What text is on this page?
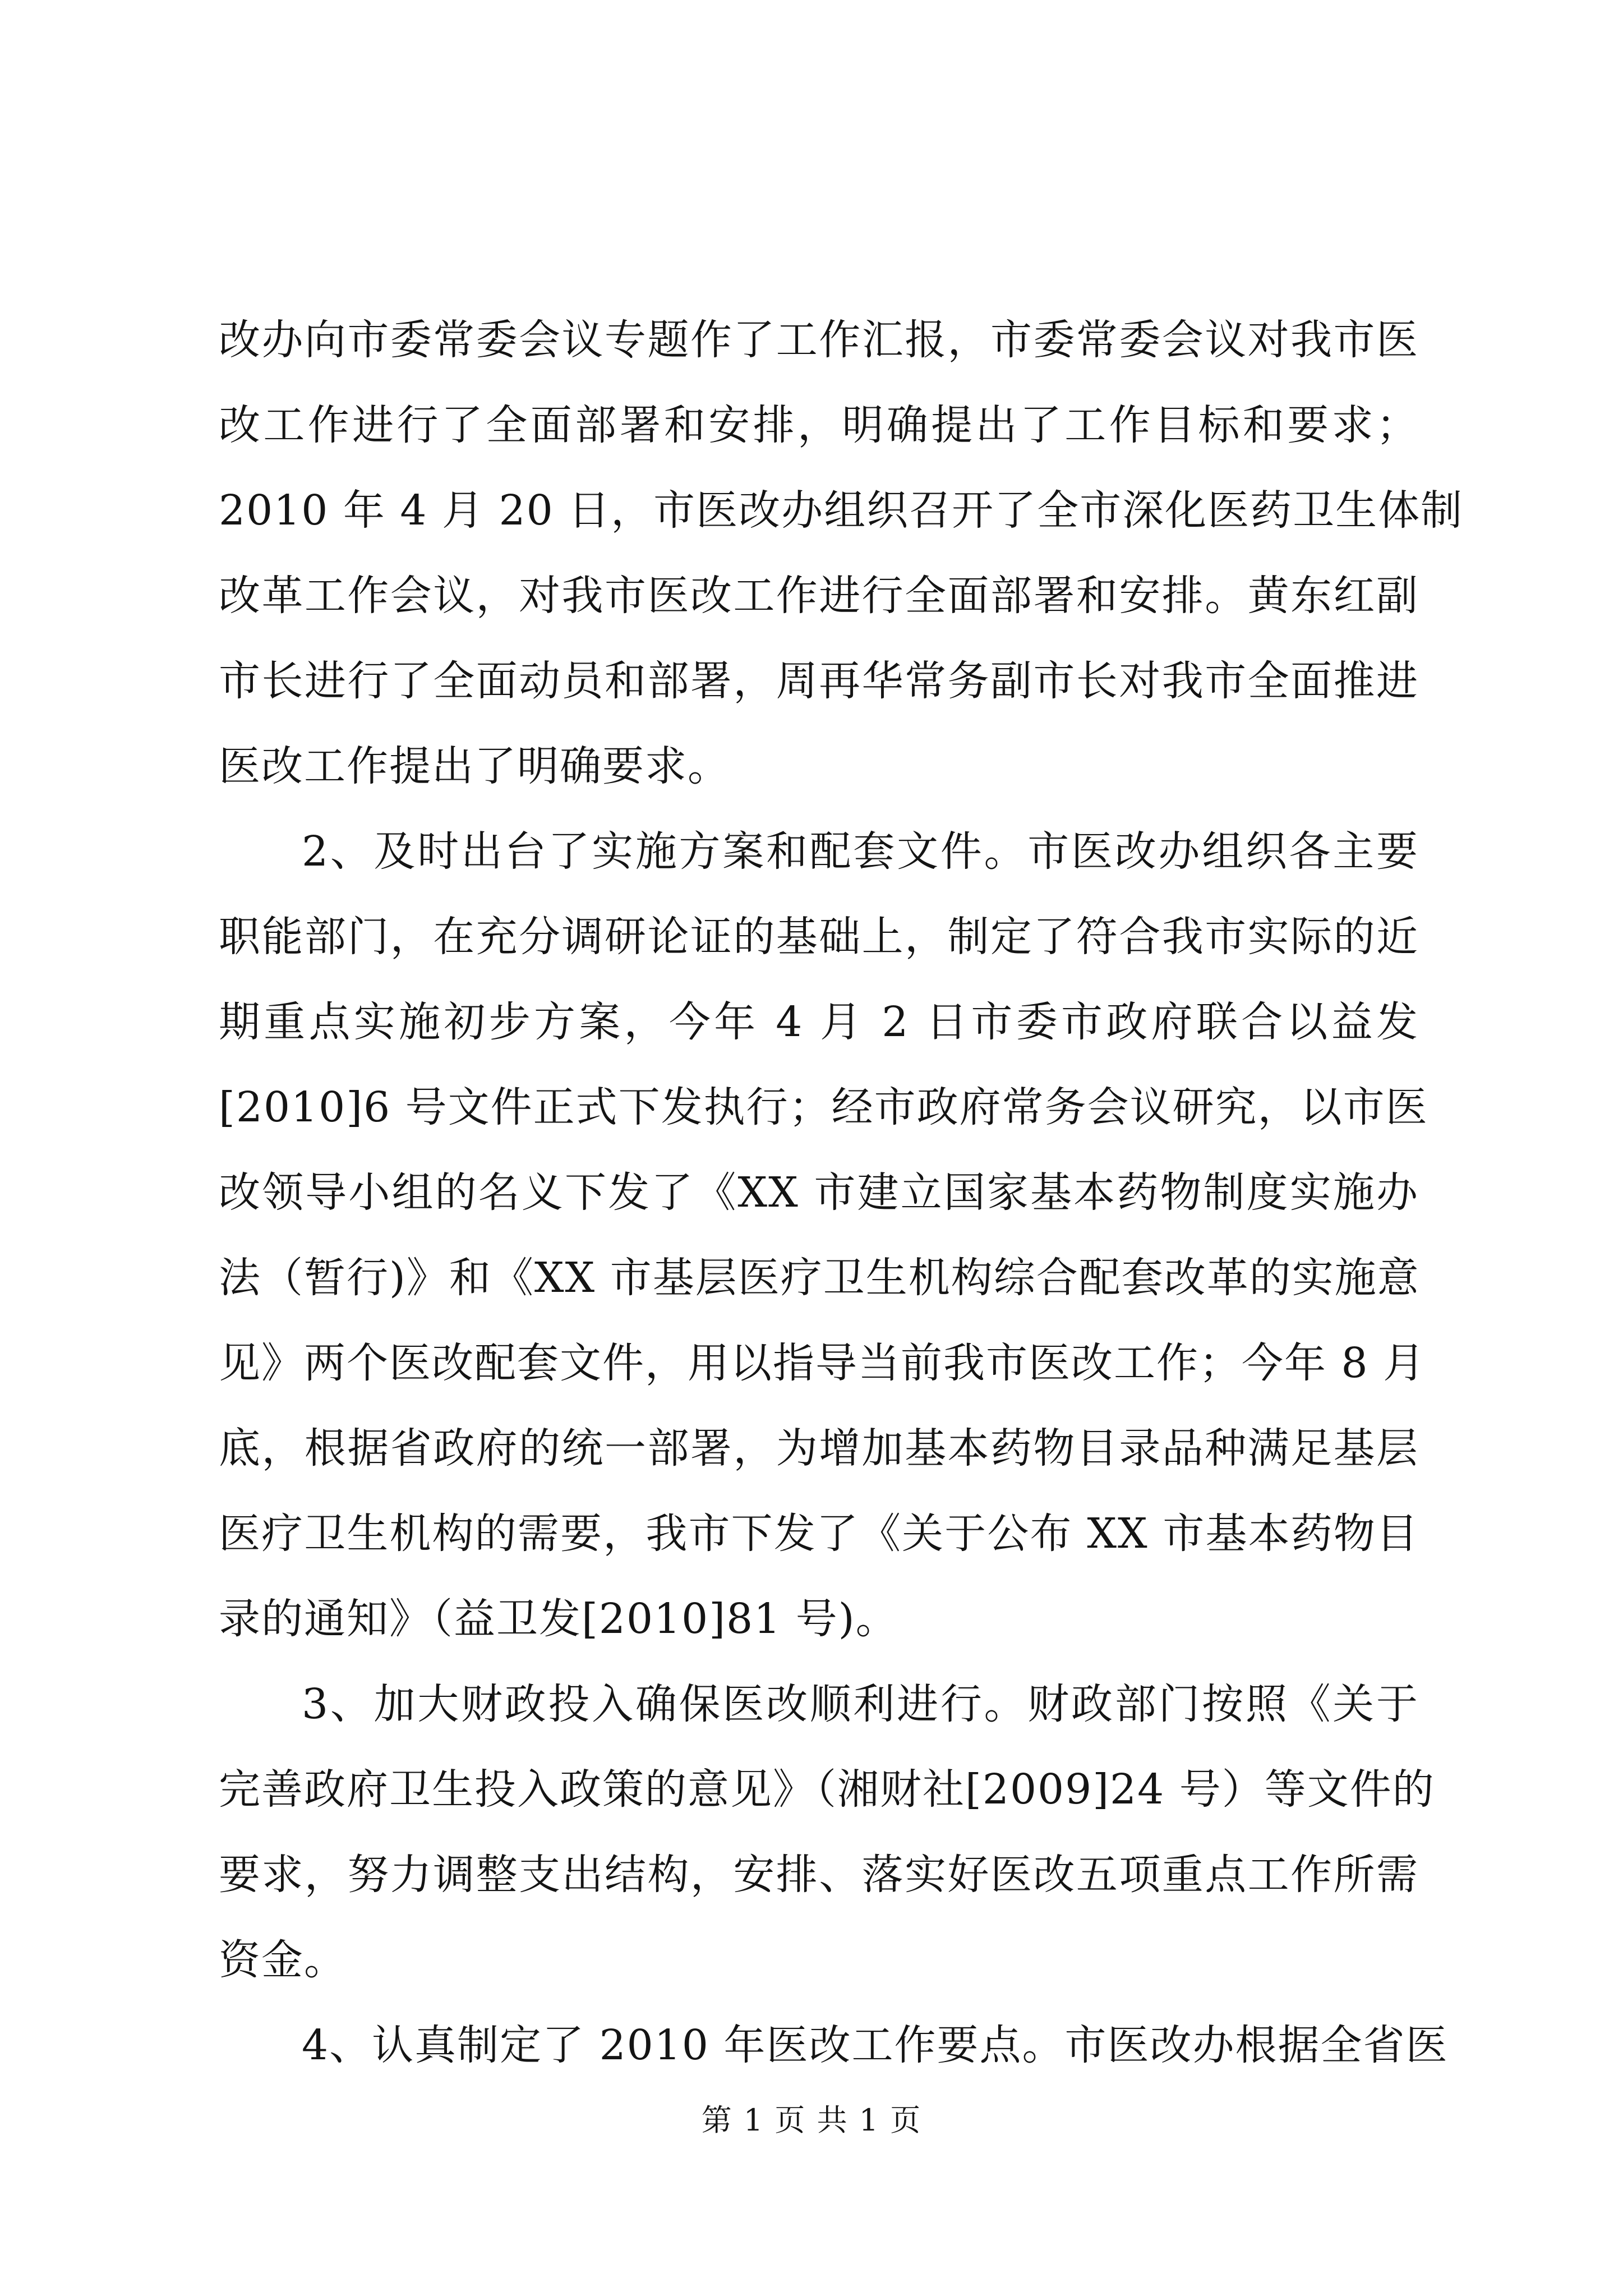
改办向市委常委会议专题作了工作汇报，市委常委会议对我市医
改工作进行了全面部署和安排，明确提出了工作目标和要求；
2010 年 4 月 20 日，市医改办组织召开了全市深化医药卫生体制
改革工作会议，对我市医改工作进行全面部署和安排。黄东红副
市长进行了全面动员和部署，周再华常务副市长对我市全面推进
医改工作提出了明确要求。
2、及时出台了实施方案和配套文件。市医改办组织各主要
职能部门，在充分调研论证的基础上，制定了符合我市实际的近
期重点实施初步方案，今年 4 月 2 日市委市政府联合以益发
[2010]6 号文件正式下发执行；经市政府常务会议研究，以市医
改领导小组的名义下发了《XX 市建立国家基本药物制度实施办
法（暂行)》和《XX 市基层医疗卫生机构综合配套改革的实施意
见》两个医改配套文件，用以指导当前我市医改工作；今年 8 月
底，根据省政府的统一部署，为增加基本药物目录品种满足基层
医疗卫生机构的需要，我市下发了《关于公布 XX 市基本药物目
录的通知》（益卫发[2010]81 号)。
3、加大财政投入确保医改顺利进行。财政部门按照《关于
完善政府卫生投入政策的意见》（湘财社[2009]24 号）等文件的
要求，努力调整支出结构，安排、落实好医改五项重点工作所需
资金。
4、认真制定了 2010 年医改工作要点。市医改办根据全省医
第 1 页 共 1 页
